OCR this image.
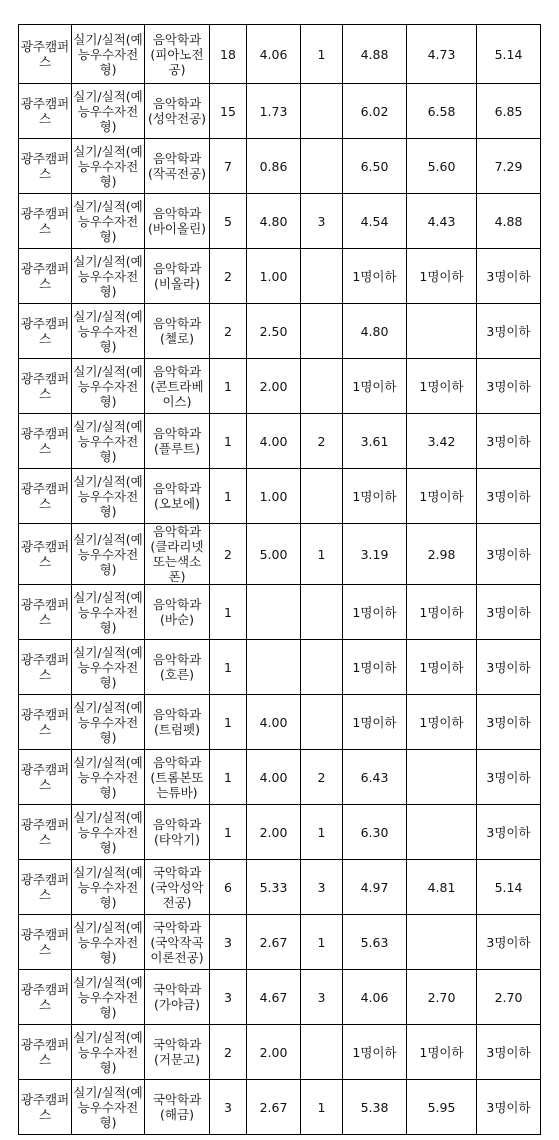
광주캠퍼스	실기/실적(예능우수자전형)	음악학과(피아노전공)	18	4.06	1	4.88	4.73	5.14
광주캠퍼스	실기/실적(예능우수자전형)	음악학과(성악전공)	15	1.73		6.02	6.58	6.85
광주캠퍼스	실기/실적(예능우수자전형)	음악학과(작곡전공)	7	0.86		6.50	5.60	7.29
광주캠퍼스	실기/실적(예능우수자전형)	음악학과(바이올린)	5	4.80	3	4.54	4.43	4.88
광주캠퍼스	실기/실적(예능우수자전형)	음악학과(비올라)	2	1.00		1명이하	1명이하	3명이하
광주캠퍼스	실기/실적(예능우수자전형)	음악학과(첼로)	2	2.50		4.80		3명이하
광주캠퍼스	실기/실적(예능우수자전형)	음악학과(콘트라베이스)	1	2.00		1명이하	1명이하	3명이하
광주캠퍼스	실기/실적(예능우수자전형)	음악학과(플루트)	1	4.00	2	3.61	3.42	3명이하
광주캠퍼스	실기/실적(예능우수자전형)	음악학과(오보에)	1	1.00		1명이하	1명이하	3명이하
광주캠퍼스	실기/실적(예능우수자전형)	음악학과(클라리넷또는색소폰)	2	5.00	1	3.19	2.98	3명이하
광주캠퍼스	실기/실적(예능우수자전형)	음악학과(바순)	1			1명이하	1명이하	3명이하
광주캠퍼스	실기/실적(예능우수자전형)	음악학과(호른)	1			1명이하	1명이하	3명이하
광주캠퍼스	실기/실적(예능우수자전형)	음악학과(트럼펫)	1	4.00		1명이하	1명이하	3명이하
광주캠퍼스	실기/실적(예능우수자전형)	음악학과(트롬본또는튜바)	1	4.00	2	6.43		3명이하
광주캠퍼스	실기/실적(예능우수자전형)	음악학과(타악기)	1	2.00	1	6.30		3명이하
광주캠퍼스	실기/실적(예능우수자전형)	국악학과(국악성악전공)	6	5.33	3	4.97	4.81	5.14
광주캠퍼스	실기/실적(예능우수자전형)	국악학과(국악작곡이론전공)	3	2.67	1	5.63		3명이하
광주캠퍼스	실기/실적(예능우수자전형)	국악학과(가야금)	3	4.67	3	4.06	2.70	2.70
광주캠퍼스	실기/실적(예능우수자전형)	국악학과(거문고)	2	2.00		1명이하	1명이하	3명이하
광주캠퍼스	실기/실적(예능우수자전형)	국악학과(해금)	3	2.67	1	5.38	5.95	3명이하
